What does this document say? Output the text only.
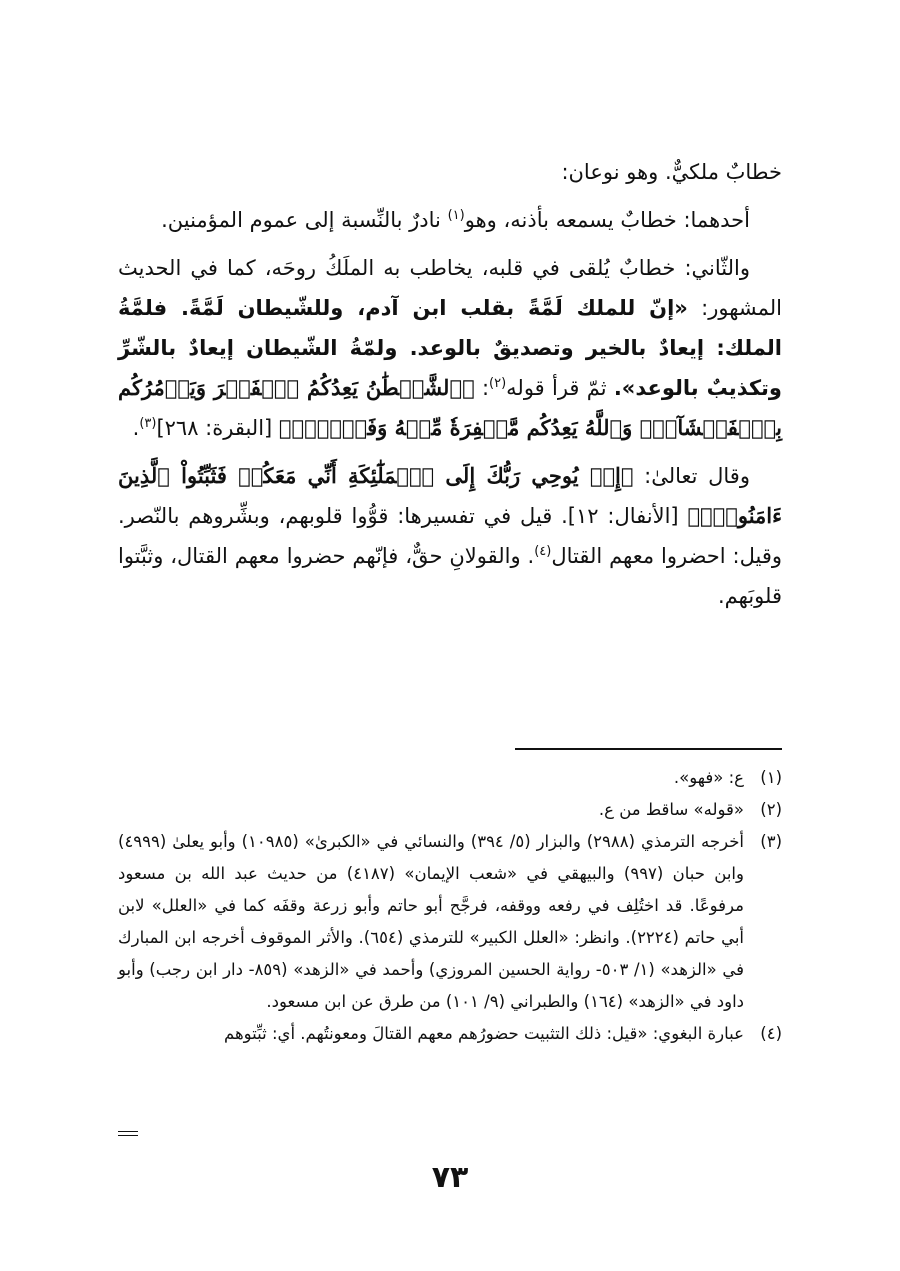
خطابٌ ملكيٌّ. وهو نوعان:

أحدهما: خطابٌ يسمعه بأذنه، وهو$^{(١)}$ نادرٌ بالنِّسبة إلى عموم المؤمنين.

والثّاني: خطابٌ يُلقى في قلبه، يخاطب به الملَكُ روحَه، كما في الحديث المشهور: «إنّ للملك لَمَّةً بقلب ابن آدم، وللشّيطان لَمَّةً. فلمَّةُ الملك: إيعادٌ بالخير وتصديقٌ بالوعد. ولمّةُ الشّيطان إيعادٌ بالشّرِّ وتكذيبٌ بالوعد». ثمّ قرأ قوله$^{(٢)}$: ﴿ٱلشَّيۡطَٰنُ يَعِدُكُمُ ٱلۡفَقۡرَ وَيَأۡمُرُكُم بِٱلۡفَحۡشَآءِۖ وَٱللَّهُ يَعِدُكُم مَّغۡفِرَةٗ مِّنۡهُ وَفَضۡلٗاۗ﴾ [البقرة: ٢٦٨]$^{(٣)}$.

وقال تعالىٰ: ﴿إِذۡ يُوحِي رَبُّكَ إِلَى ٱلۡمَلَٰٓئِكَةِ أَنِّي مَعَكُمۡ فَثَبِّتُواْ ٱلَّذِينَ ءَامَنُواْۚ﴾ [الأنفال: ١٢]. قيل في تفسيرها: قوُّوا قلوبهم، وبشِّروهم بالنّصر. وقيل: احضروا معهم القتال$^{(٤)}$. والقولانِ حقٌّ، فإنّهم حضروا معهم القتال، وثبَّتوا قلوبَهم.

(١)
ع: «فهو».
(٢)
«قوله» ساقط من ع.
(٣)
أخرجه الترمذي (٢٩٨٨) والبزار (٥/ ٣٩٤) والنسائي في «الكبرىٰ» (١٠٩٨٥) وأبو يعلىٰ (٤٩٩٩) وابن حبان (٩٩٧) والبيهقي في «شعب الإيمان» (٤١٨٧) من حديث عبد الله بن مسعود مرفوعًا. قد اختُلِف في رفعه ووقفه، فرجَّح أبو حاتم وأبو زرعة وقفَه كما في «العلل» لابن أبي حاتم (٢٢٢٤). وانظر: «العلل الكبير» للترمذي (٦٥٤). والأثر الموقوف أخرجه ابن المبارك في «الزهد» (١/ ٥٠٣- رواية الحسين المروزي) وأحمد في «الزهد» (٨٥٩- دار ابن رجب) وأبو داود في «الزهد» (١٦٤) والطبراني (٩/ ١٠١) من طرق عن ابن مسعود.
(٤)
عبارة البغوي: «قيل: ذلك التثبيت حضورُهم معهم القتالَ ومعونتُهم. أي: ثبِّتوهم
٧٣
